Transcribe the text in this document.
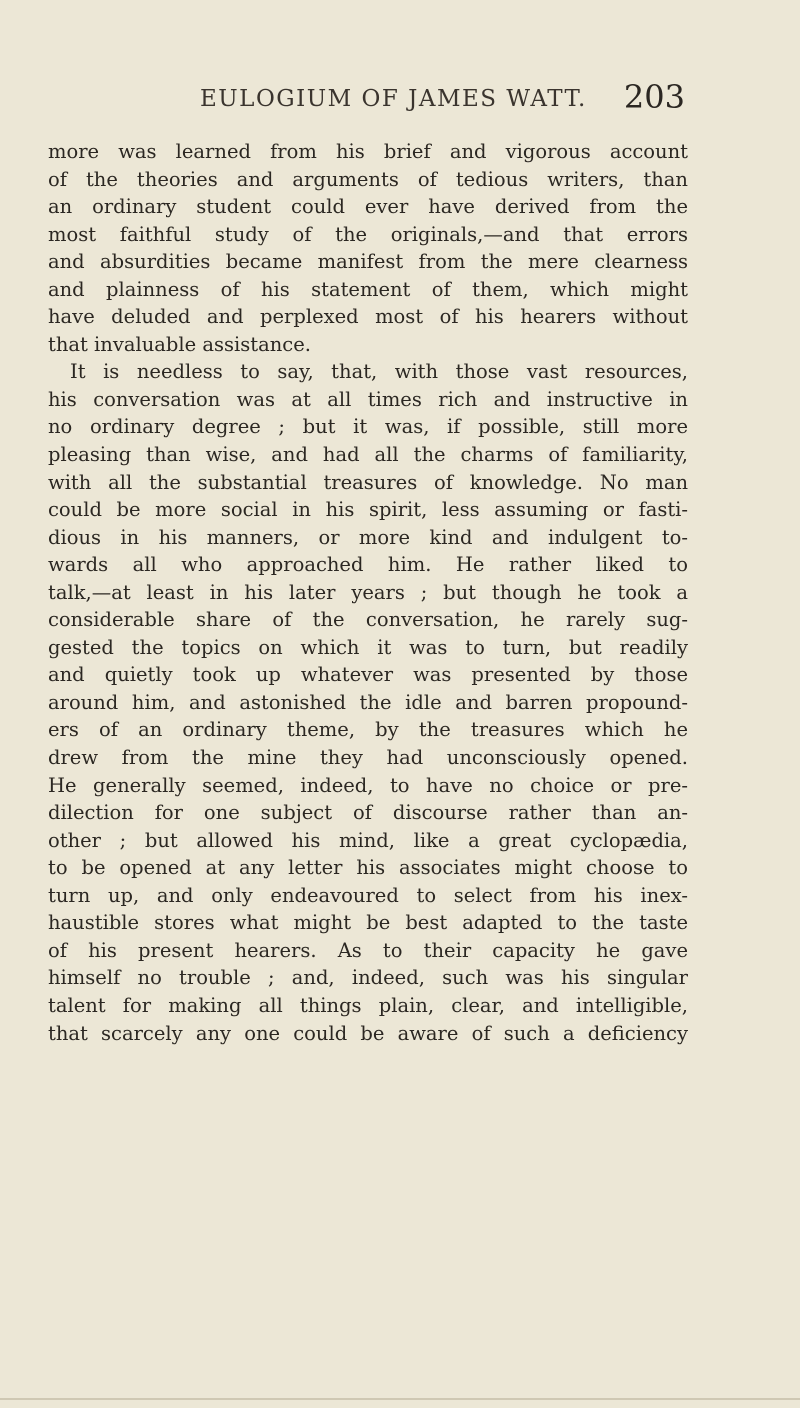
EULOGIUM OF JAMES WATT. 203
more was learned from his brief and vigorous account
of the theories and arguments of tedious writers, than
an ordinary student could ever have derived from the
most faithful study of the originals,—and that errors
and absurdities became manifest from the mere clearness
and plainness of his statement of them, which might
have deluded and perplexed most of his hearers without
that invaluable assistance.
It is needless to say, that, with those vast resources,
his conversation was at all times rich and instructive in
no ordinary degree ; but it was, if possible, still more
pleasing than wise, and had all the charms of familiarity,
with all the substantial treasures of knowledge. No man
could be more social in his spirit, less assuming or fasti-
dious in his manners, or more kind and indulgent to-
wards all who approached him. He rather liked to
talk,—at least in his later years ; but though he took a
considerable share of the conversation, he rarely sug-
gested the topics on which it was to turn, but readily
and quietly took up whatever was presented by those
around him, and astonished the idle and barren propound-
ers of an ordinary theme, by the treasures which he
drew from the mine they had unconsciously opened.
He generally seemed, indeed, to have no choice or pre-
dilection for one subject of discourse rather than an-
other ; but allowed his mind, like a great cyclopædia,
to be opened at any letter his associates might choose to
turn up, and only endeavoured to select from his inex-
haustible stores what might be best adapted to the taste
of his present hearers. As to their capacity he gave
himself no trouble ; and, indeed, such was his singular
talent for making all things plain, clear, and intelligible,
that scarcely any one could be aware of such a deficiency
